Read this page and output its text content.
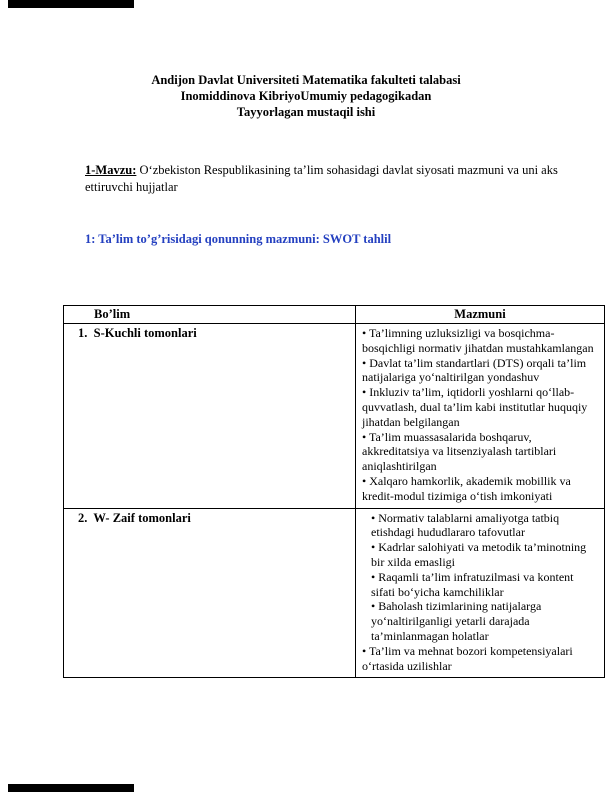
Andijon Davlat Universiteti Matematika fakulteti talabasi
Inomiddinova KibriyoUmumiy pedagogikadan
Tayyorlagan mustaqil ishi
1-Mavzu: O‘zbekiston Respublikasining ta’lim sohasidagi davlat siyosati mazmuni va uni aks ettiruvchi hujjatlar
1: Ta’lim to’g’risidagi qonunning mazmuni: SWOT tahlil
Bo’lim	Mazmuni
1.  S-Kuchli tomonlari	• Ta’limning uzluksizligi va bosqichma-bosqichligi normativ jihatdan mustahkamlangan
• Davlat ta’lim standartlari (DTS) orqali ta’lim natijalariga yo‘naltirilgan yondashuv
• Inkluziv ta’lim, iqtidorli yoshlarni qo‘llab-quvvatlash, dual ta’lim kabi institutlar huquqiy jihatdan belgilangan
• Ta’lim muassasalarida boshqaruv, akkreditatsiya va litsenziyalash tartiblari aniqlashtirilgan
• Xalqaro hamkorlik, akademik mobillik va kredit-modul tizimiga o‘tish imkoniyati

2.  W- Zaif tomonlari	• Normativ talablarni amaliyotga tatbiq etishdagi hududlararo tafovutlar
• Kadrlar salohiyati va metodik ta’minotning bir xilda emasligi
• Raqamli ta’lim infratuzilmasi va kontent sifati bo‘yicha kamchiliklar
• Baholash tizimlarining natijalarga yo‘naltirilganligi yetarli darajada ta’minlanmagan holatlar
• Ta’lim va mehnat bozori kompetensiyalari o‘rtasida uzilishlar
